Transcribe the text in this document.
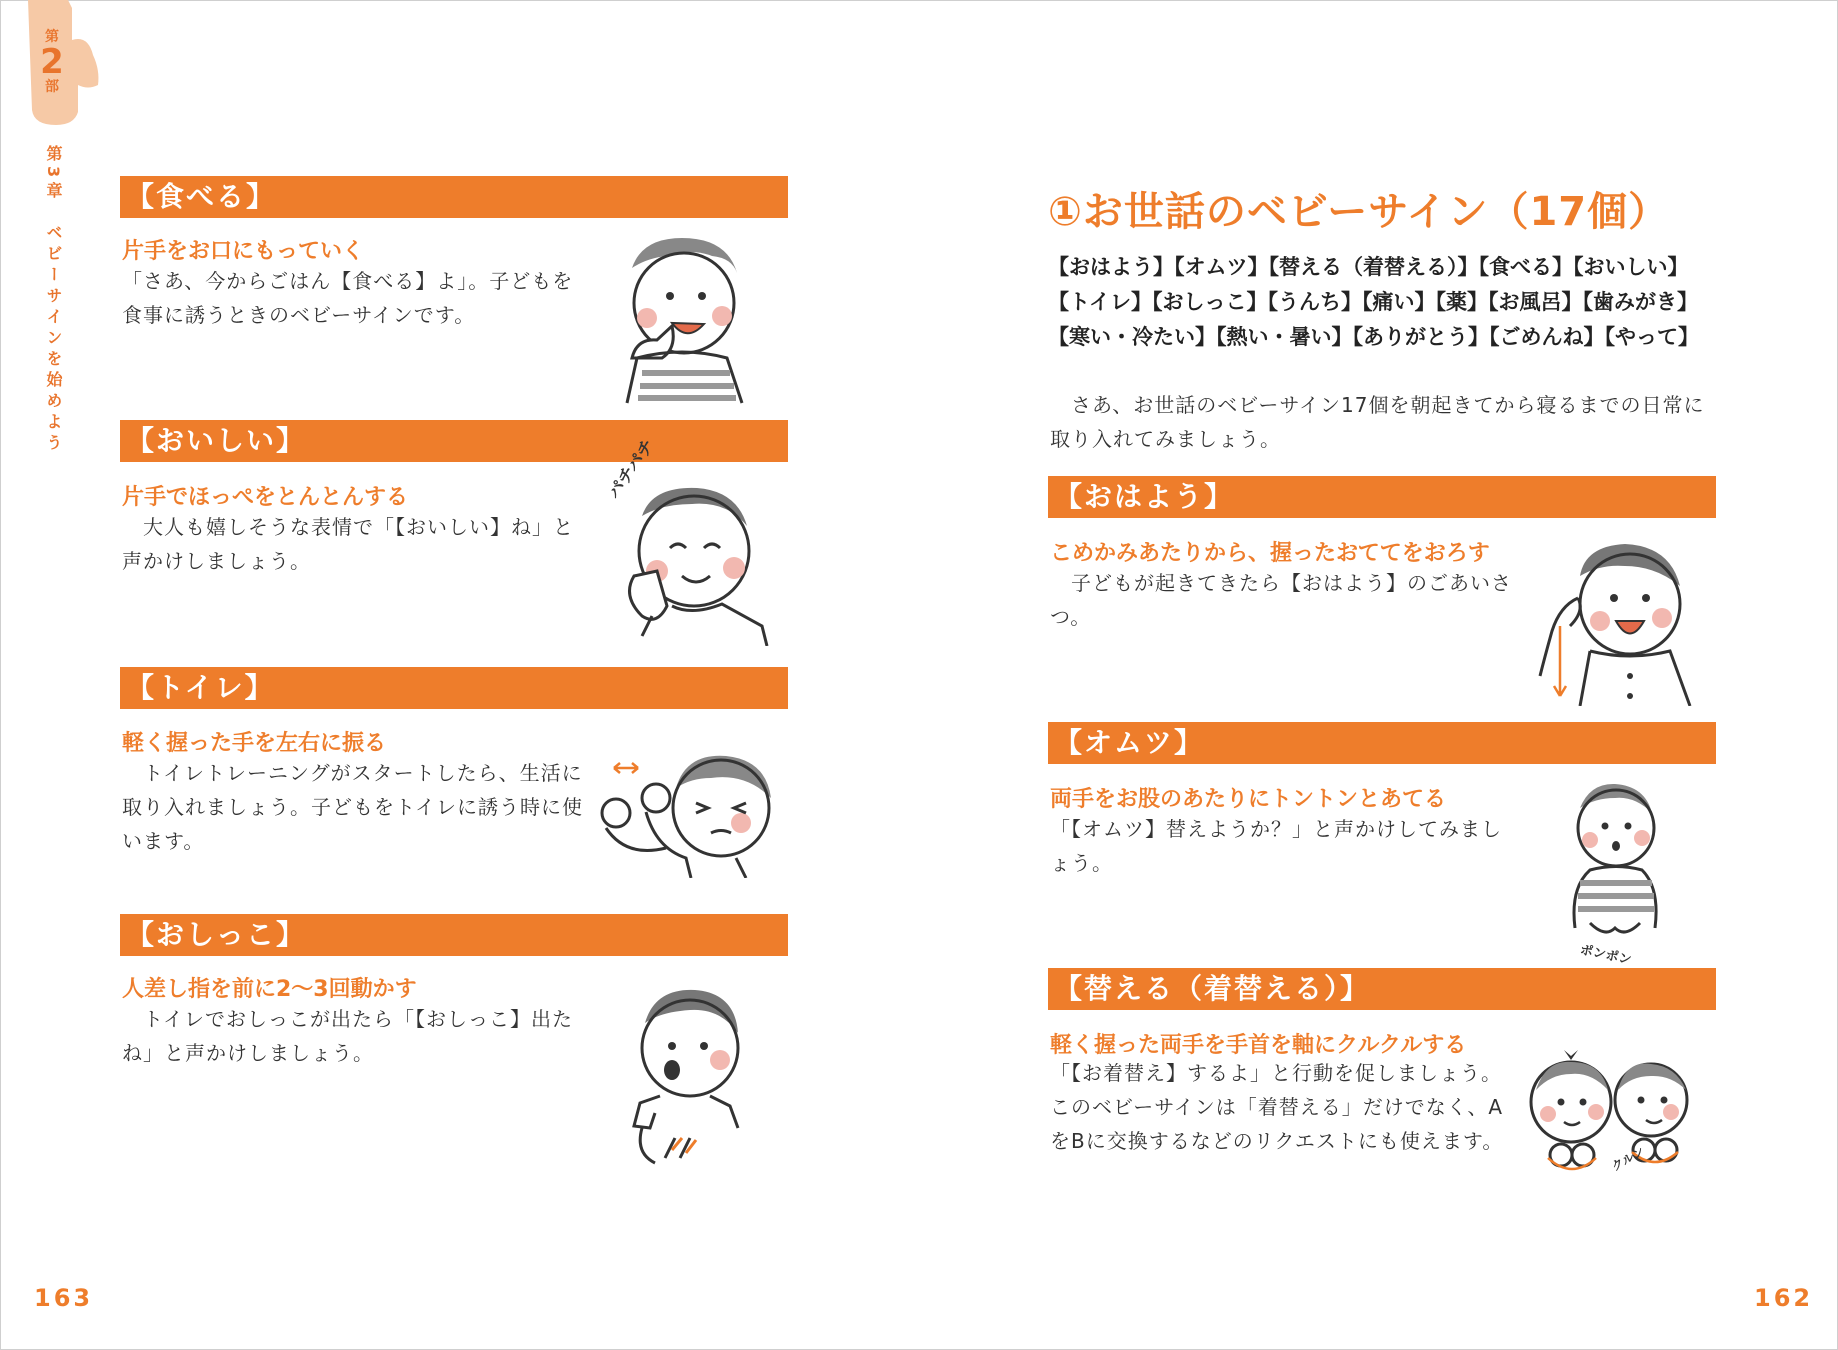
第
2
部
第3章　ベビーサインを始めよう 【食べる】
片手をお口にもっていく
「さあ、今からごはん【食べる】よ」。子どもを食事に誘うときのベビーサインです。
【おいしい】
片手でほっぺをとんとんする
　大人も嬉しそうな表情で「【おいしい】ね」と声かけしましょう。
パチパチ
【トイレ】
軽く握った手を左右に振る
　トイレトレーニングがスタートしたら、生活に取り入れましょう。子どもをトイレに誘う時に使います。
【おしっこ】
人差し指を前に2〜3回動かす
　トイレでおしっこが出たら「【おしっこ】出たね」と声かけしましょう。
①お世話のベビーサイン（17個）
【おはよう】【オムツ】【替える（着替える）】【食べる】【おいしい】
【トイレ】【おしっこ】【うんち】【痛い】【薬】【お風呂】【歯みがき】
【寒い・冷たい】【熱い・暑い】【ありがとう】【ごめんね】【やって】
　さあ、お世話のベビーサイン17個を朝起きてから寝るまでの日常に取り入れてみましょう。
【おはよう】
こめかみあたりから、握ったおててをおろす
　子どもが起きてきたら【おはよう】のごあいさつ。
【オムツ】
両手をお股のあたりにトントンとあてる
「【オムツ】替えようか？」と声かけしてみましょう。
ポンポン
【替える（着替える）】
軽く握った両手を手首を軸にクルクルする
「【お着替え】するよ」と行動を促しましょう。このベビーサインは「着替える」だけでなく、AをBに交換するなどのリクエストにも使えます。
クルン
163	162
